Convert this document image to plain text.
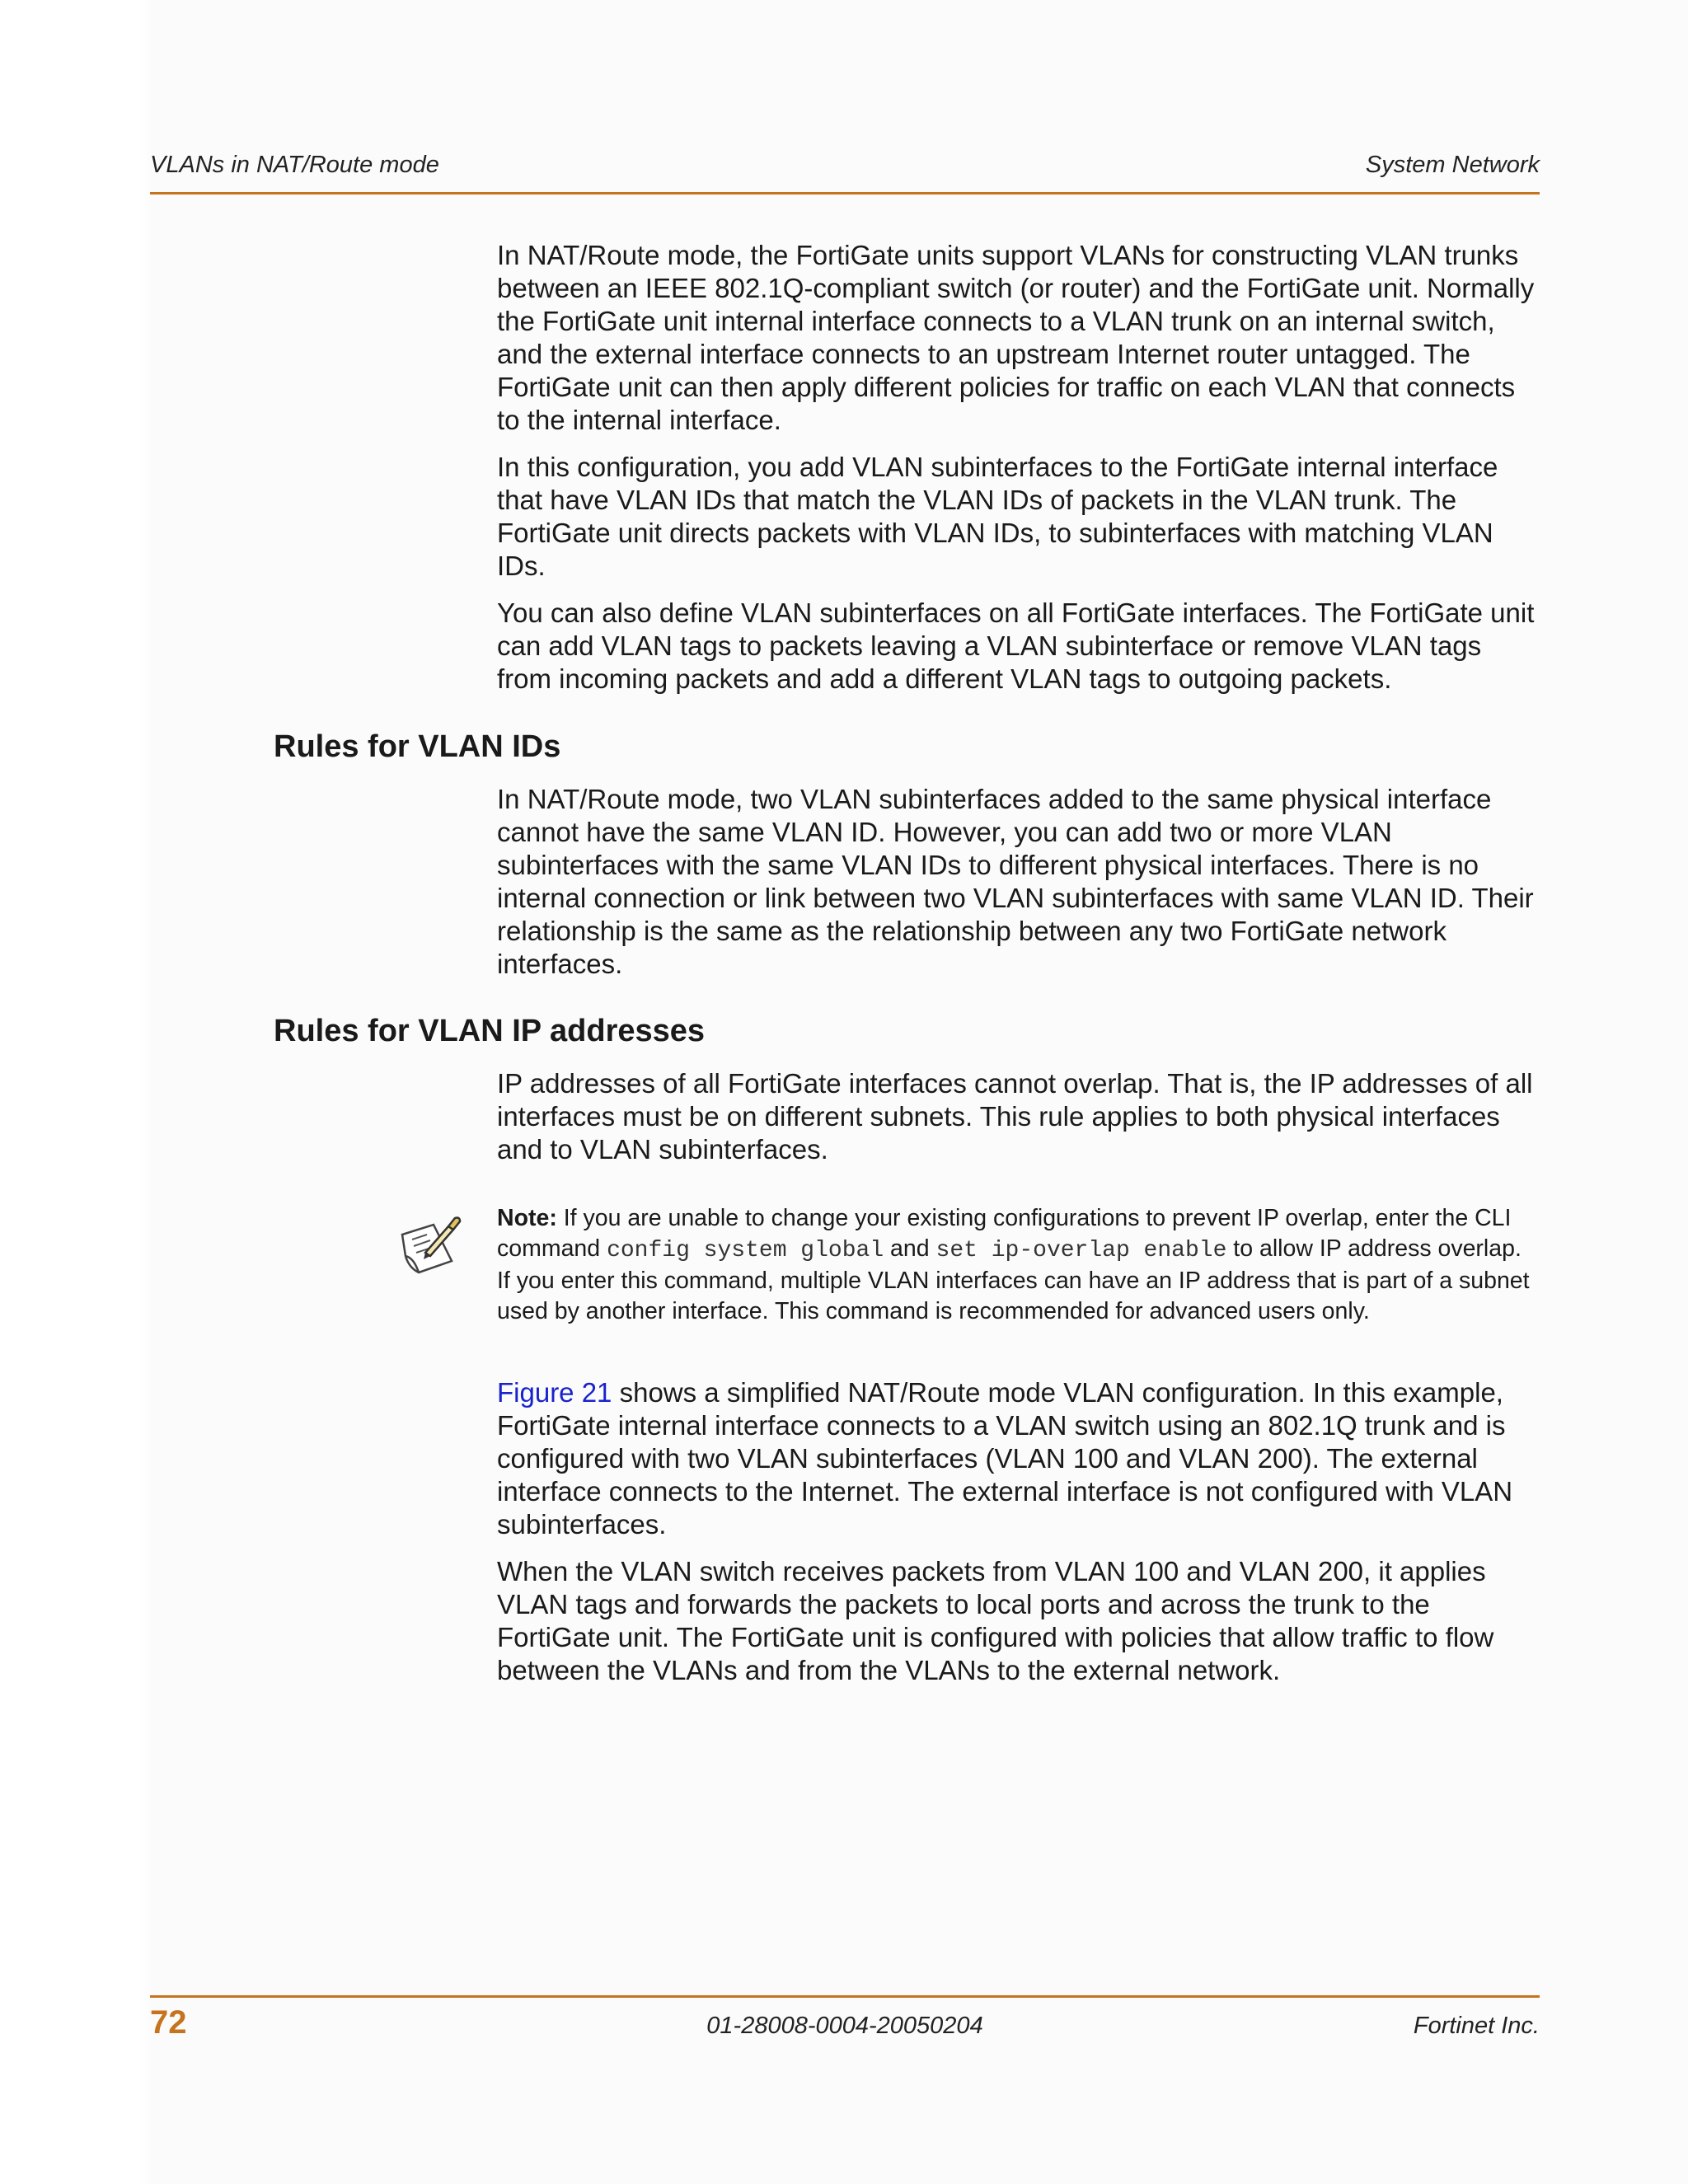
VLANs in NAT/Route mode	System Network

In NAT/Route mode, the FortiGate units support VLANs for constructing VLAN trunks between an IEEE 802.1Q-compliant switch (or router) and the FortiGate unit. Normally the FortiGate unit internal interface connects to a VLAN trunk on an internal switch, and the external interface connects to an upstream Internet router untagged. The FortiGate unit can then apply different policies for traffic on each VLAN that connects to the internal interface.

In this configuration, you add VLAN subinterfaces to the FortiGate internal interface that have VLAN IDs that match the VLAN IDs of packets in the VLAN trunk. The FortiGate unit directs packets with VLAN IDs, to subinterfaces with matching VLAN IDs.

You can also define VLAN subinterfaces on all FortiGate interfaces. The FortiGate unit can add VLAN tags to packets leaving a VLAN subinterface or remove VLAN tags from incoming packets and add a different VLAN tags to outgoing packets.

Rules for VLAN IDs

In NAT/Route mode, two VLAN subinterfaces added to the same physical interface cannot have the same VLAN ID. However, you can add two or more VLAN subinterfaces with the same VLAN IDs to different physical interfaces. There is no internal connection or link between two VLAN subinterfaces with same VLAN ID. Their relationship is the same as the relationship between any two FortiGate network interfaces.

Rules for VLAN IP addresses

IP addresses of all FortiGate interfaces cannot overlap. That is, the IP addresses of all interfaces must be on different subnets. This rule applies to both physical interfaces and to VLAN subinterfaces.

Note: If you are unable to change your existing configurations to prevent IP overlap, enter the CLI command config system global and set ip-overlap enable to allow IP address overlap. If you enter this command, multiple VLAN interfaces can have an IP address that is part of a subnet used by another interface. This command is recommended for advanced users only.

Figure 21 shows a simplified NAT/Route mode VLAN configuration. In this example, FortiGate internal interface connects to a VLAN switch using an 802.1Q trunk and is configured with two VLAN subinterfaces (VLAN 100 and VLAN 200). The external interface connects to the Internet. The external interface is not configured with VLAN subinterfaces.

When the VLAN switch receives packets from VLAN 100 and VLAN 200, it applies VLAN tags and forwards the packets to local ports and across the trunk to the FortiGate unit. The FortiGate unit is configured with policies that allow traffic to flow between the VLANs and from the VLANs to the external network.

72	01-28008-0004-20050204	Fortinet Inc.
